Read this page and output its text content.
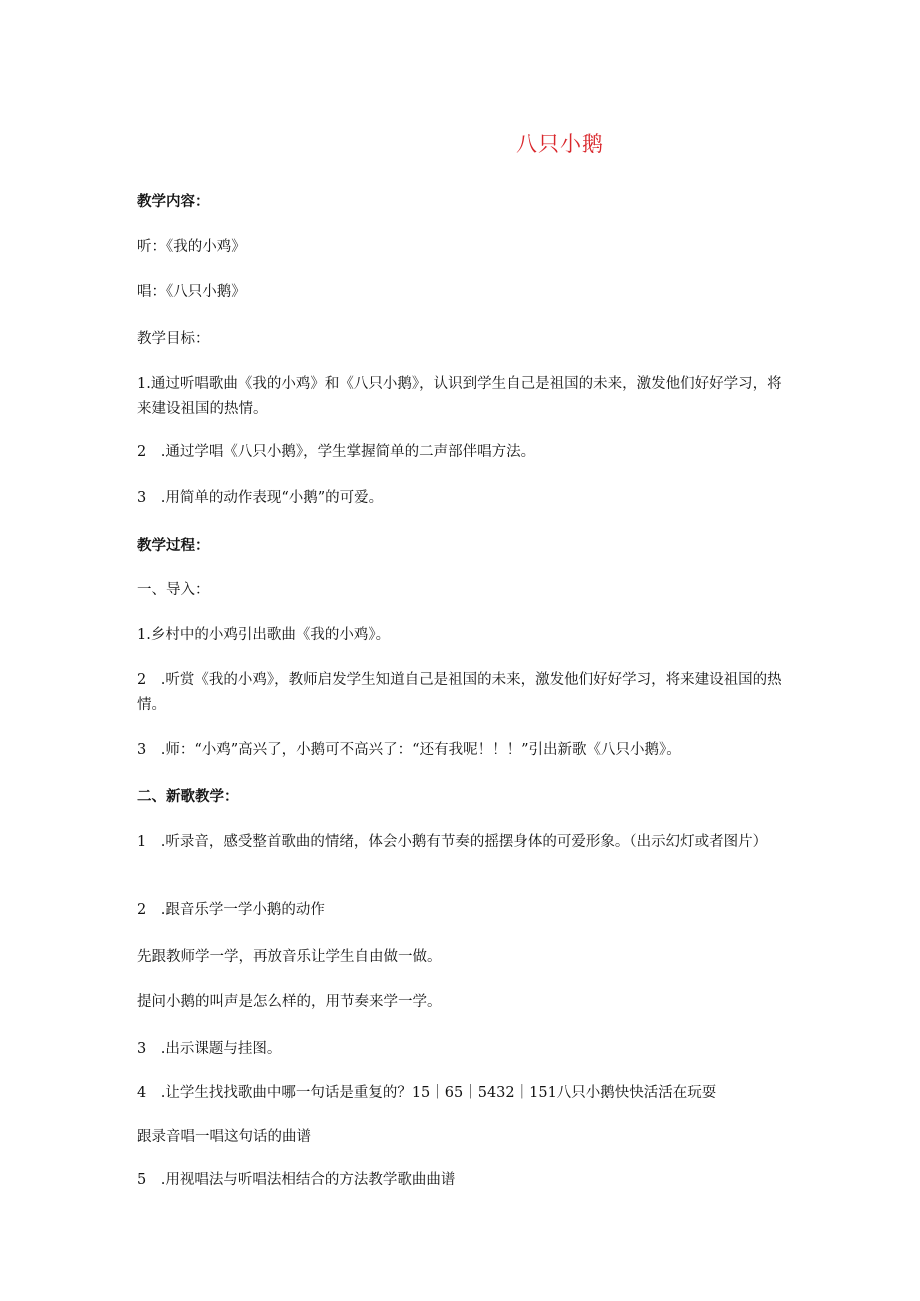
八只小鹅
教学内容：
听：《我的小鸡》
唱：《八只小鹅》
教学目标：
1.通过听唱歌曲《我的小鸡》和《八只小鹅》，认识到学生自己是祖国的未来，激发他们好好学习，将来建设祖国的热情。
2　.通过学唱《八只小鹅》，学生掌握简单的二声部伴唱方法。
3　.用简单的动作表现“小鹅”的可爱。
教学过程：
一、导入：
1.乡村中的小鸡引出歌曲《我的小鸡》。
2　.听赏《我的小鸡》，教师启发学生知道自己是祖国的未来，激发他们好好学习，将来建设祖国的热情。
3　.师：“小鸡”高兴了，小鹅可不高兴了：“还有我呢！！！”引出新歌《八只小鹅》。
二、新歌教学：
1　.听录音，感受整首歌曲的情绪，体会小鹅有节奏的摇摆身体的可爱形象。（出示幻灯或者图片）
2　.跟音乐学一学小鹅的动作
先跟教师学一学，再放音乐让学生自由做一做。
提问小鹅的叫声是怎么样的，用节奏来学一学。
3　.出示课题与挂图。
4　.让学生找找歌曲中哪一句话是重复的？15｜65｜5432｜151八只小鹅快快活活在玩耍
跟录音唱一唱这句话的曲谱
5　.用视唱法与听唱法相结合的方法教学歌曲曲谱
